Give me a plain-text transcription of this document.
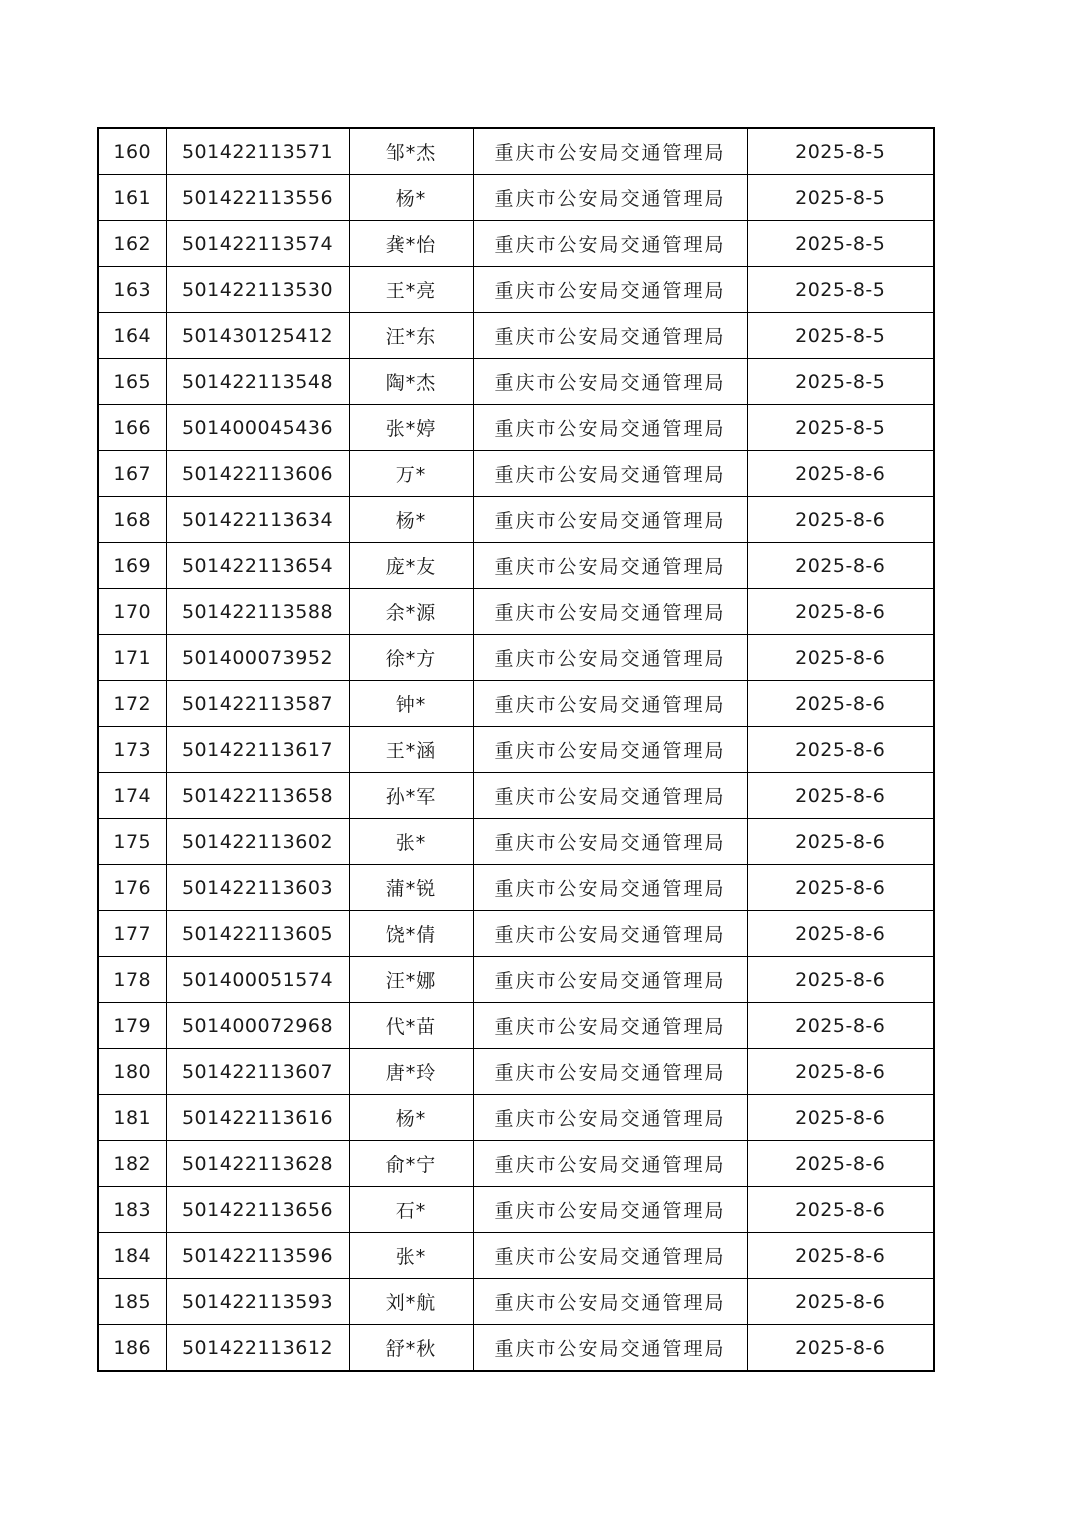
160	501422113571	邹*杰	重庆市公安局交通管理局	2025-8-5
161	501422113556	杨*	重庆市公安局交通管理局	2025-8-5
162	501422113574	龚*怡	重庆市公安局交通管理局	2025-8-5
163	501422113530	王*亮	重庆市公安局交通管理局	2025-8-5
164	501430125412	汪*东	重庆市公安局交通管理局	2025-8-5
165	501422113548	陶*杰	重庆市公安局交通管理局	2025-8-5
166	501400045436	张*婷	重庆市公安局交通管理局	2025-8-5
167	501422113606	万*	重庆市公安局交通管理局	2025-8-6
168	501422113634	杨*	重庆市公安局交通管理局	2025-8-6
169	501422113654	庞*友	重庆市公安局交通管理局	2025-8-6
170	501422113588	余*源	重庆市公安局交通管理局	2025-8-6
171	501400073952	徐*方	重庆市公安局交通管理局	2025-8-6
172	501422113587	钟*	重庆市公安局交通管理局	2025-8-6
173	501422113617	王*涵	重庆市公安局交通管理局	2025-8-6
174	501422113658	孙*军	重庆市公安局交通管理局	2025-8-6
175	501422113602	张*	重庆市公安局交通管理局	2025-8-6
176	501422113603	蒲*锐	重庆市公安局交通管理局	2025-8-6
177	501422113605	饶*倩	重庆市公安局交通管理局	2025-8-6
178	501400051574	汪*娜	重庆市公安局交通管理局	2025-8-6
179	501400072968	代*苗	重庆市公安局交通管理局	2025-8-6
180	501422113607	唐*玲	重庆市公安局交通管理局	2025-8-6
181	501422113616	杨*	重庆市公安局交通管理局	2025-8-6
182	501422113628	俞*宁	重庆市公安局交通管理局	2025-8-6
183	501422113656	石*	重庆市公安局交通管理局	2025-8-6
184	501422113596	张*	重庆市公安局交通管理局	2025-8-6
185	501422113593	刘*航	重庆市公安局交通管理局	2025-8-6
186	501422113612	舒*秋	重庆市公安局交通管理局	2025-8-6
